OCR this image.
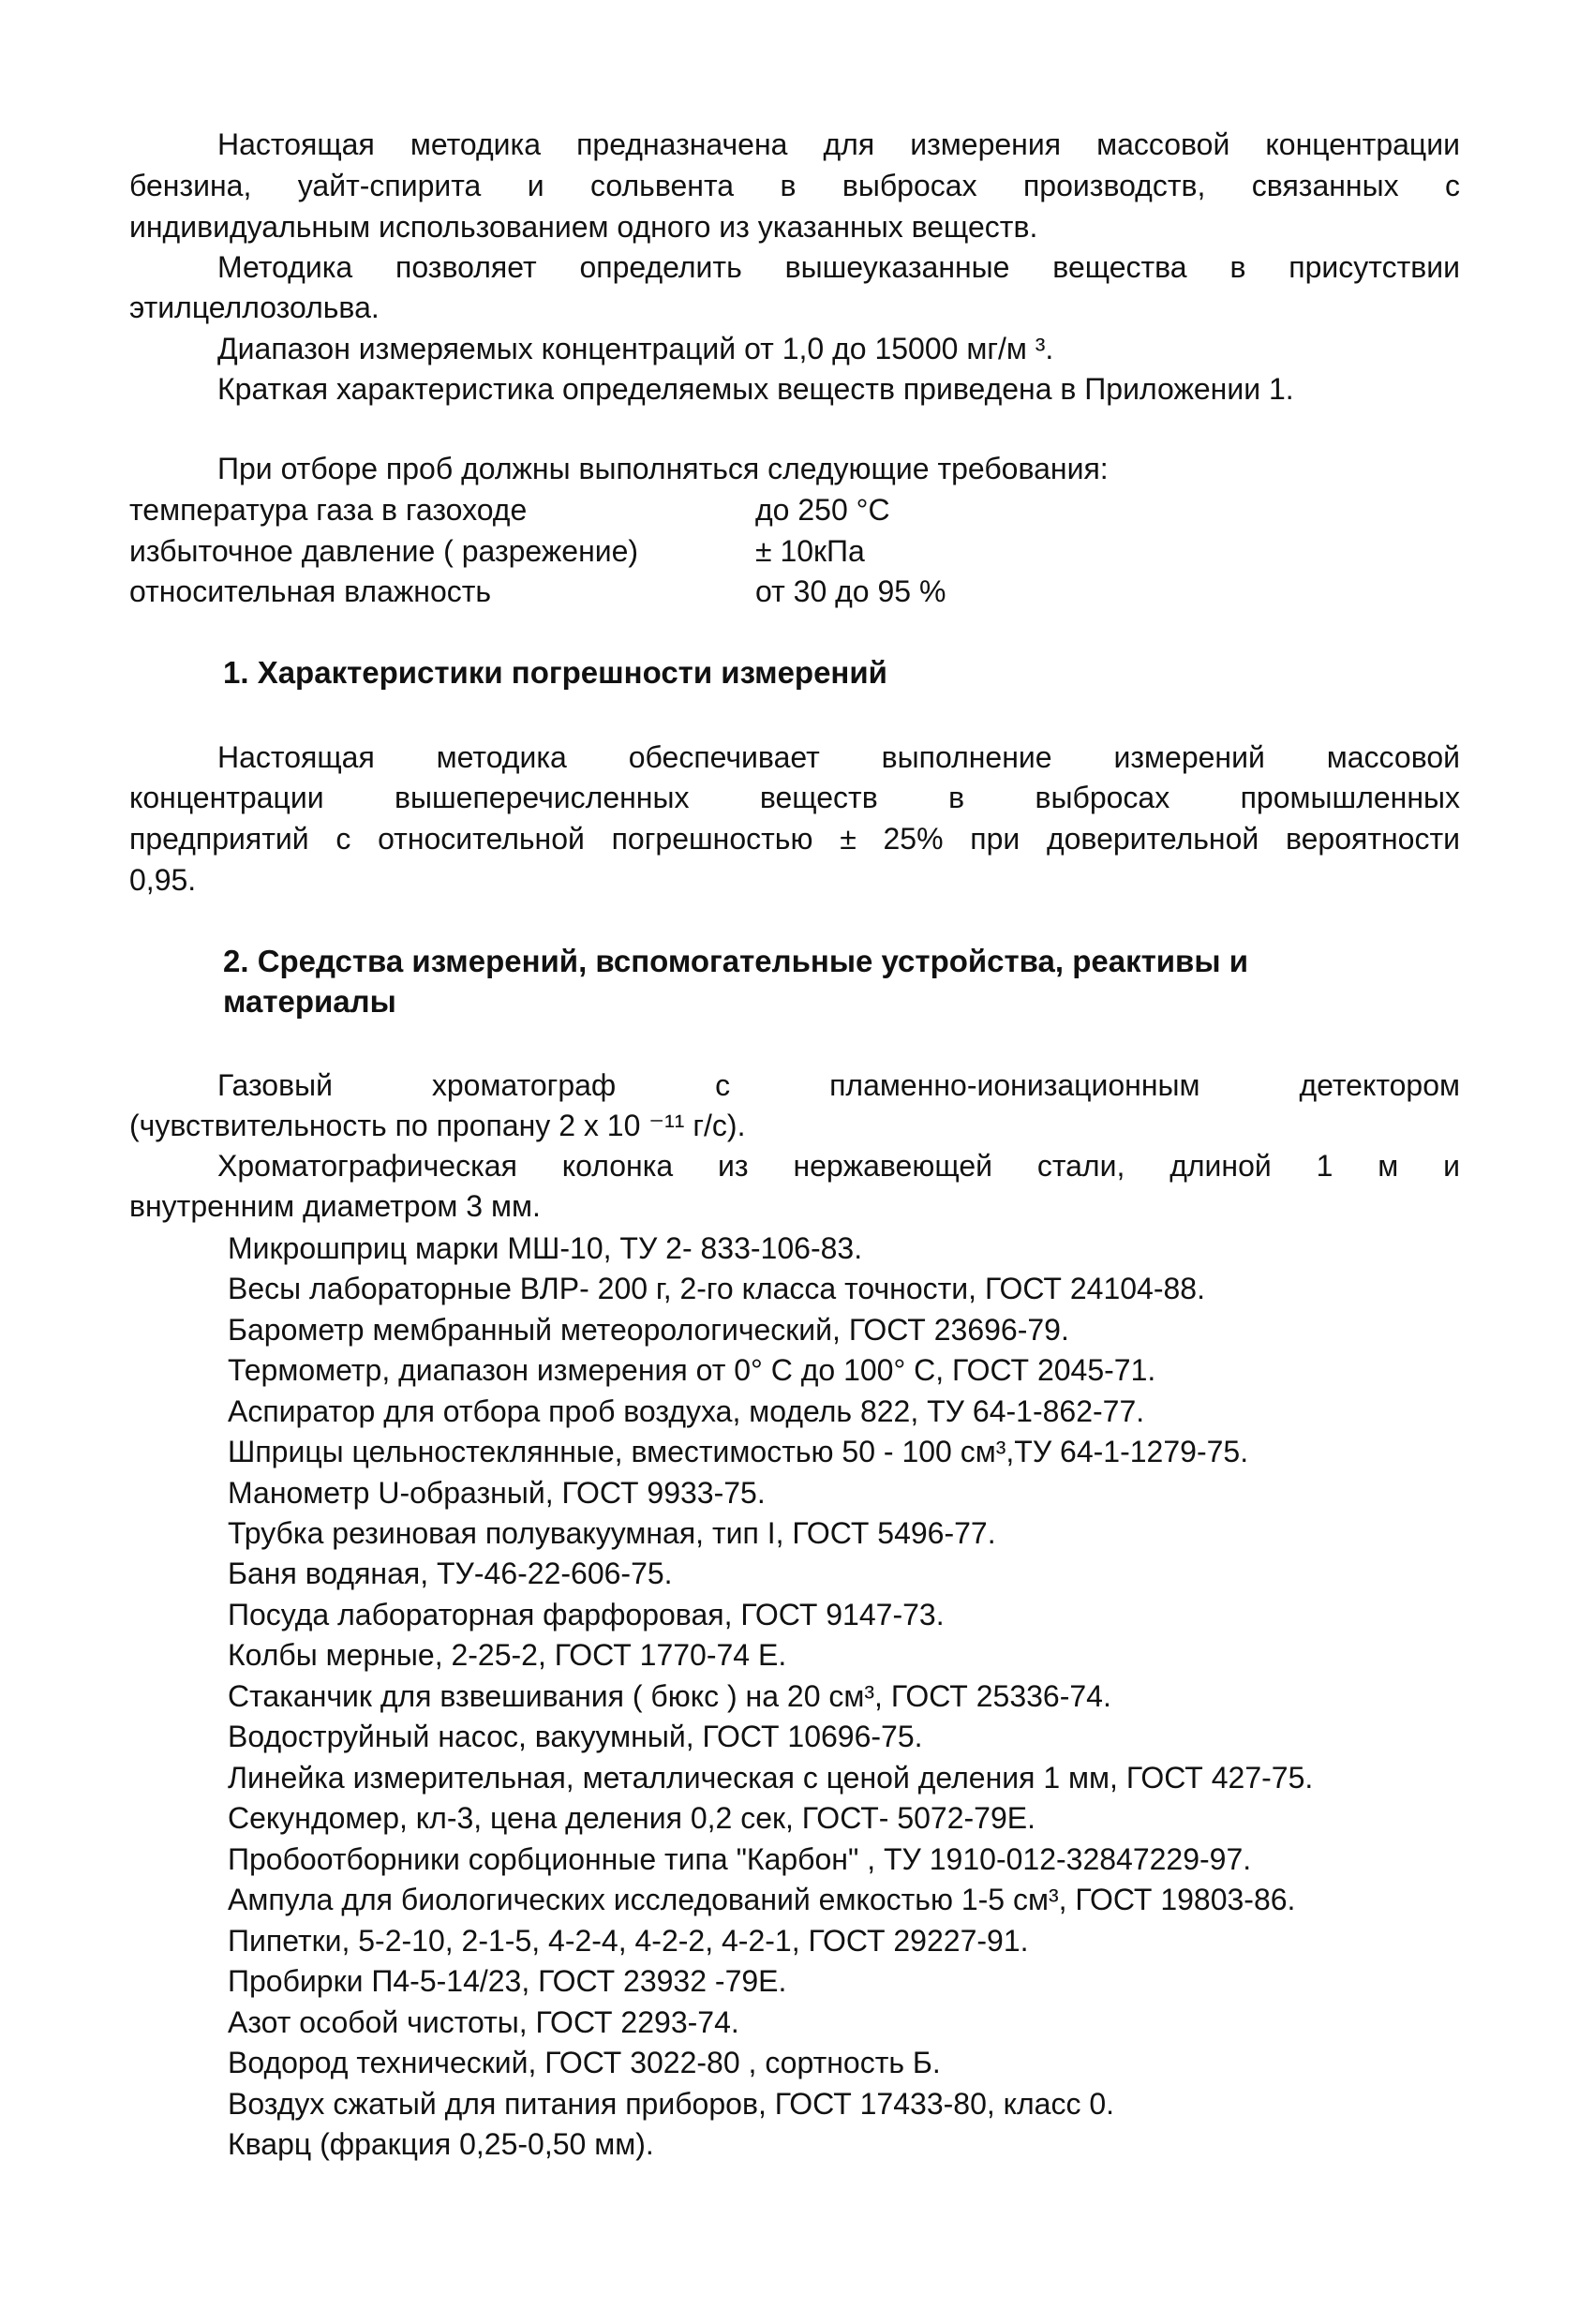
Настоящая методика предназначена для измерения массовой концентрации
бензина, уайт-спирита и сольвента в выбросах производств, связанных с
индивидуальным использованием одного из указанных веществ.
Методика позволяет определить вышеуказанные вещества в присутствии
этилцеллозольва.
Диапазон измеряемых концентраций от 1,0 до 15000 мг/м ³.
Краткая характеристика определяемых веществ приведена в Приложении 1.
При отборе проб должны выполняться следующие требования:
температура газа в газоходе	до 250 °С
избыточное давление ( разрежение)	± 10кПа
относительная влажность	от 30 до 95 %
1. Характеристики погрешности измерений
Настоящая методика обеспечивает выполнение измерений массовой
концентрации вышеперечисленных веществ в выбросах промышленных
предприятий с относительной погрешностью ± 25% при доверительной вероятности
0,95.
2. Средства измерений, вспомогательные устройства, реактивы и
материалы
Газовый хроматограф с пламенно-ионизационным детектором
(чувствительность по пропану 2 х 10 ⁻¹¹ г/с).
Хроматографическая колонка из нержавеющей стали, длиной 1 м и
внутренним диаметром 3 мм.
Микрошприц марки МШ-10, ТУ 2- 833-106-83.
Весы лабораторные ВЛР- 200 г, 2-го класса точности, ГОСТ 24104-88.
Барометр мембранный метеорологический, ГОСТ 23696-79.
Термометр, диапазон измерения от 0° С до 100° С, ГОСТ 2045-71.
Аспиратор для отбора проб воздуха, модель 822, ТУ 64-1-862-77.
Шприцы цельностеклянные, вместимостью 50 - 100 см³,ТУ 64-1-1279-75.
Манометр U-образный, ГОСТ 9933-75.
Трубка резиновая полувакуумная, тип I, ГОСТ 5496-77.
Баня водяная, ТУ-46-22-606-75.
Посуда лабораторная фарфоровая, ГОСТ 9147-73.
Колбы мерные, 2-25-2, ГОСТ 1770-74 Е.
Стаканчик для взвешивания ( бюкс ) на 20 см³, ГОСТ 25336-74.
Водоструйный насос, вакуумный, ГОСТ 10696-75.
Линейка измерительная, металлическая с ценой деления 1 мм, ГОСТ 427-75.
Секундомер, кл-3, цена деления 0,2 сек, ГОСТ- 5072-79Е.
Пробоотборники сорбционные типа "Карбон" , ТУ 1910-012-32847229-97.
Ампула для биологических исследований емкостью 1-5 см³, ГОСТ 19803-86.
Пипетки, 5-2-10, 2-1-5, 4-2-4, 4-2-2, 4-2-1, ГОСТ 29227-91.
Пробирки П4-5-14/23, ГОСТ 23932 -79Е.
Азот особой чистоты, ГОСТ 2293-74.
Водород технический, ГОСТ 3022-80 , сортность Б.
Воздух сжатый для питания приборов, ГОСТ 17433-80, класс 0.
Кварц (фракция 0,25-0,50 мм).
